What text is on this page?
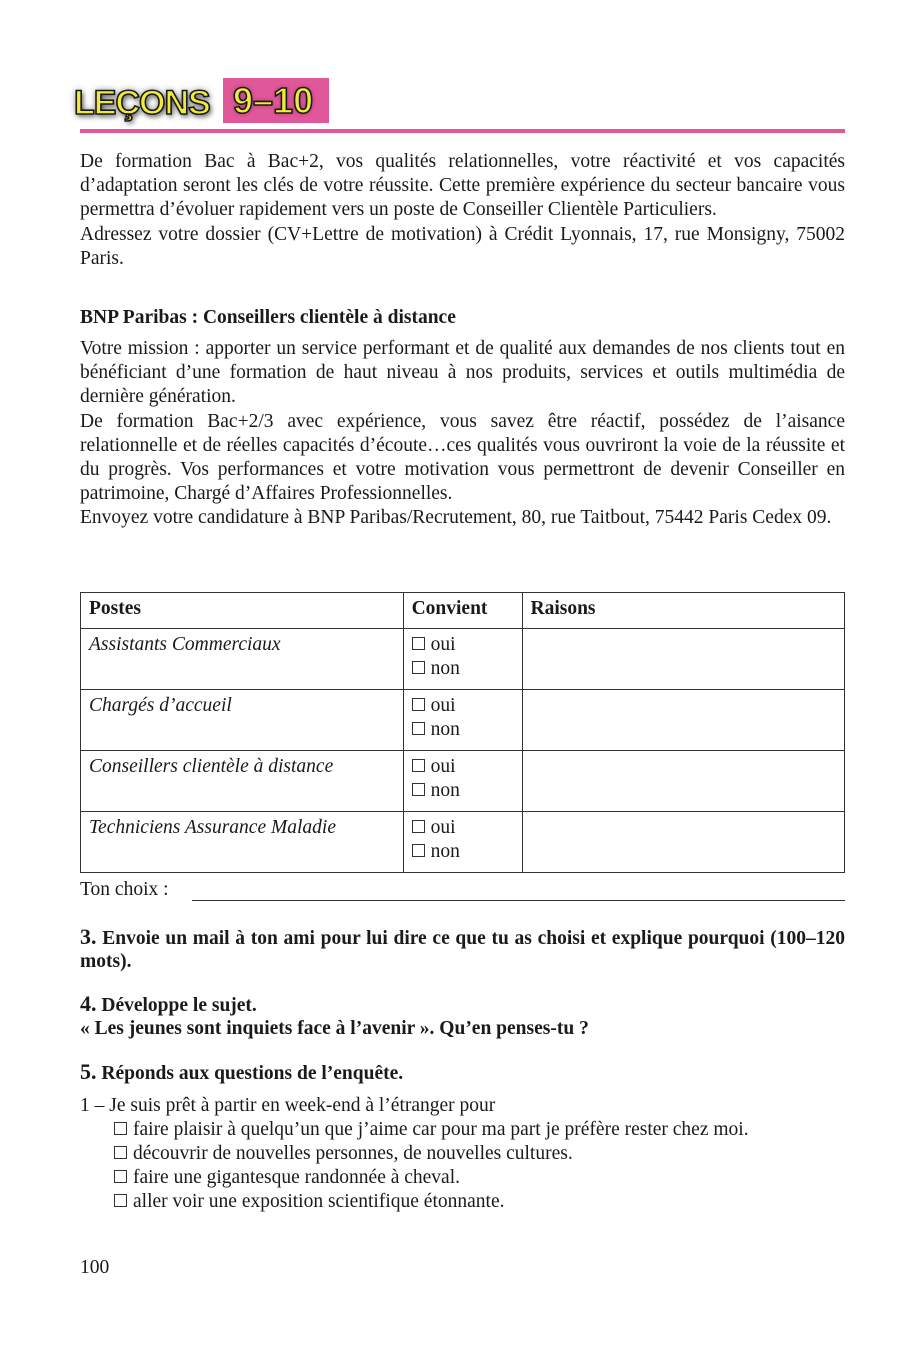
LEÇONS 9–10

De formation Bac à Bac+2, vos qualités relationnelles, votre réactivité et vos capacités d’adaptation seront les clés de votre réussite. Cette première expérience du secteur bancaire vous permettra d’évoluer rapidement vers un poste de Conseiller Clientèle Particuliers.

Adressez votre dossier (CV+Lettre de motivation) à Crédit Lyonnais, 17, rue Monsigny, 75002 Paris.

BNP Paribas : Conseillers clientèle à distance

Votre mission : apporter un service performant et de qualité aux demandes de nos clients tout en bénéficiant d’une formation de haut niveau à nos produits, services et outils multimédia de dernière génération.

De formation Bac+2/3 avec expérience, vous savez être réactif, possédez de l’aisance relationnelle et de réelles capacités d’écoute…ces qualités vous ouvriront la voie de la réussite et du progrès. Vos performances et votre motivation vous permettront de devenir Conseiller en patrimoine, Chargé d’Affaires Professionnelles.

Envoyez votre candidature à BNP Paribas/Recrutement, 80, rue Taitbout, 75442 Paris Cedex 09.

Postes	Convient	Raisons
Assistants Commerciaux	oui
non	

Chargés d’accueil	oui
non	

Conseillers clientèle à distance	oui
non	

Techniciens Assurance Maladie	oui
non	

Ton choix :
3. Envoie un mail à ton ami pour lui dire ce que tu as choisi et explique pourquoi (100–120 mots).
4. Développe le sujet.
« Les jeunes sont inquiets face à l’avenir ». Qu’en penses-tu ?
5. Réponds aux questions de l’enquête.

1 – Je suis prêt à partir en week-end à l’étranger pour

faire plaisir à quelqu’un que j’aime car pour ma part je préfère rester chez moi.

découvrir de nouvelles personnes, de nouvelles cultures.

faire une gigantesque randonnée à cheval.

aller voir une exposition scientifique étonnante.

100
